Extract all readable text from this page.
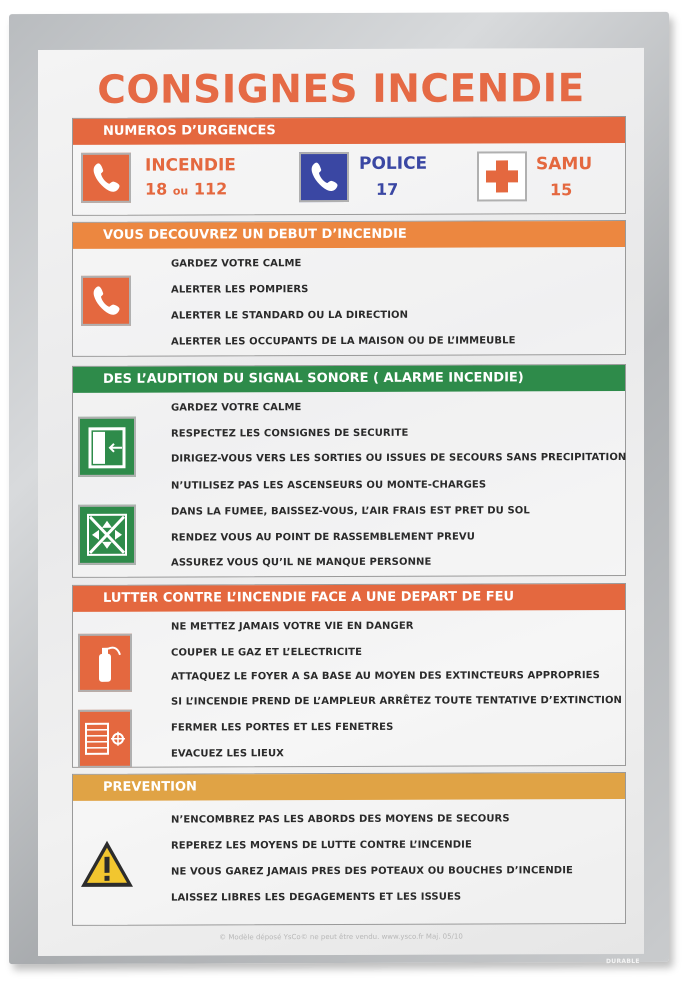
CONSIGNES INCENDIE
NUMEROS D’URGENCES
INCENDIE
18 ou 112
POLICE
17
SAMU
15
VOUS DECOUVREZ UN DEBUT D’INCENDIE
GARDEZ VOTRE CALME
ALERTER LES POMPIERS
ALERTER LE STANDARD OU LA DIRECTION
ALERTER LES OCCUPANTS DE LA MAISON OU DE L’IMMEUBLE
DES L’AUDITION DU SIGNAL SONORE ( ALARME INCENDIE)
GARDEZ VOTRE CALME
RESPECTEZ LES CONSIGNES DE SECURITE
DIRIGEZ-VOUS VERS LES SORTIES OU ISSUES DE SECOURS SANS PRECIPITATION
N’UTILISEZ PAS LES ASCENSEURS OU MONTE-CHARGES
DANS LA FUMEE, BAISSEZ-VOUS, L’AIR FRAIS EST PRET DU SOL
RENDEZ VOUS AU POINT DE RASSEMBLEMENT PREVU
ASSUREZ VOUS QU’IL NE MANQUE PERSONNE
LUTTER CONTRE L’INCENDIE FACE A UNE DEPART DE FEU
NE METTEZ JAMAIS VOTRE VIE EN DANGER
COUPER LE GAZ ET L’ELECTRICITE
ATTAQUEZ LE FOYER A SA BASE AU MOYEN DES EXTINCTEURS APPROPRIES
SI L’INCENDIE PREND DE L’AMPLEUR ARRÊTEZ TOUTE TENTATIVE D’EXTINCTION
FERMER LES PORTES ET LES FENETRES
EVACUEZ LES LIEUX
PREVENTION
N’ENCOMBREZ PAS LES ABORDS DES MOYENS DE SECOURS
REPEREZ LES MOYENS DE LUTTE CONTRE L’INCENDIE
NE VOUS GAREZ JAMAIS PRES DES POTEAUX OU BOUCHES D’INCENDIE
LAISSEZ LIBRES LES DEGAGEMENTS ET LES ISSUES
© Modèle déposé YsCo© ne peut être vendu. www.ysco.fr Maj. 05/10
DURABLE
